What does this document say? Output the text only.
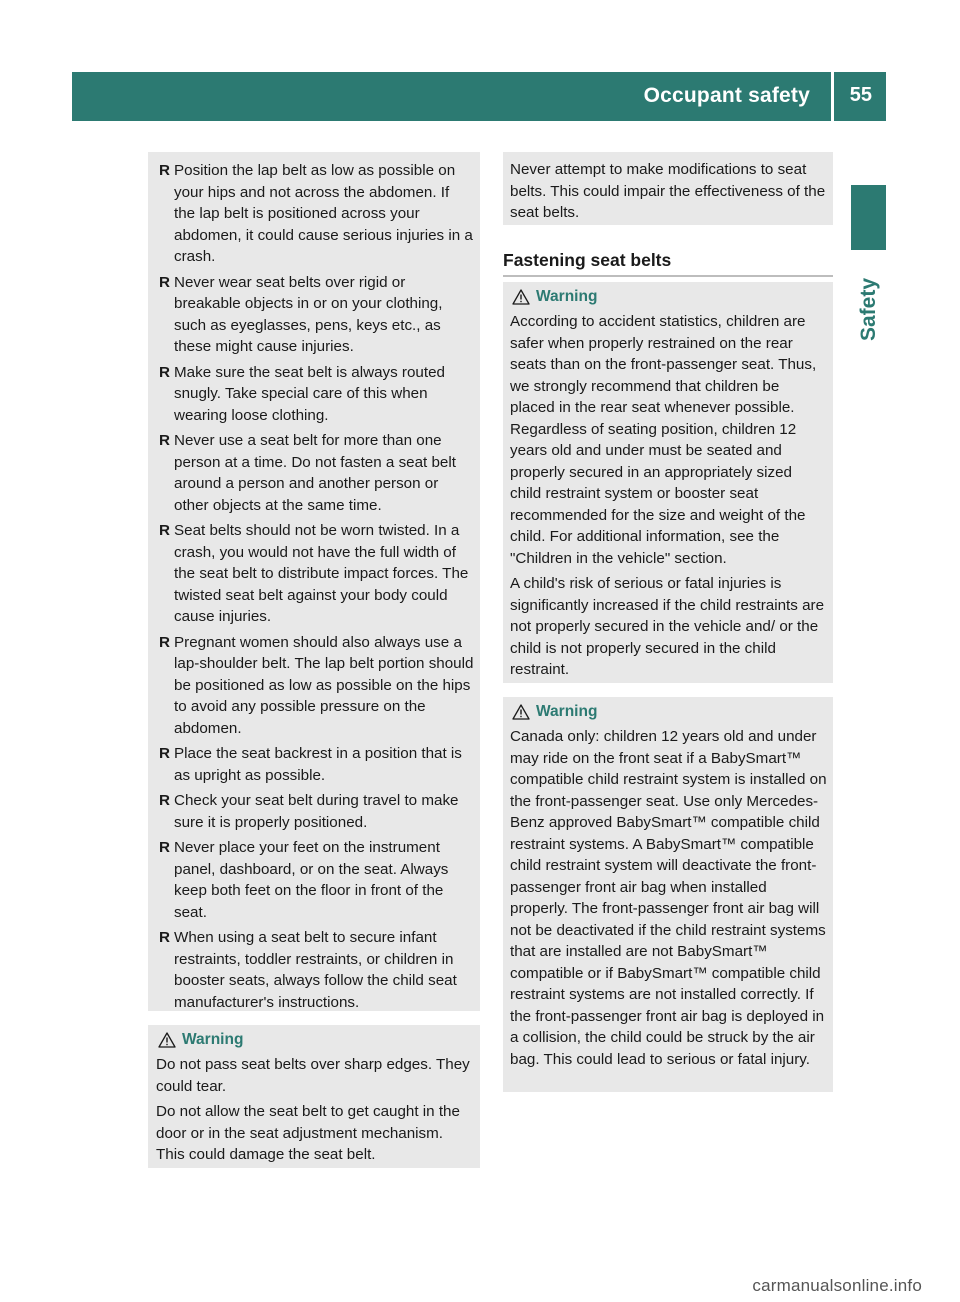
Occupant safety 55
Safety
R Position the lap belt as low as possible on your hips and not across the abdomen. If the lap belt is positioned across your abdomen, it could cause serious injuries in a crash.
R Never wear seat belts over rigid or breakable objects in or on your clothing, such as eyeglasses, pens, keys etc., as these might cause injuries.
R Make sure the seat belt is always routed snugly. Take special care of this when wearing loose clothing.
R Never use a seat belt for more than one person at a time. Do not fasten a seat belt around a person and another person or other objects at the same time.
R Seat belts should not be worn twisted. In a crash, you would not have the full width of the seat belt to distribute impact forces. The twisted seat belt against your body could cause injuries.
R Pregnant women should also always use a lap-shoulder belt. The lap belt portion should be positioned as low as possible on the hips to avoid any possible pressure on the abdomen.
R Place the seat backrest in a position that is as upright as possible.
R Check your seat belt during travel to make sure it is properly positioned.
R Never place your feet on the instrument panel, dashboard, or on the seat. Always keep both feet on the floor in front of the seat.
R When using a seat belt to secure infant restraints, toddler restraints, or children in booster seats, always follow the child seat manufacturer's instructions.
Warning

Do not pass seat belts over sharp edges. They could tear.

Do not allow the seat belt to get caught in the door or in the seat adjustment mechanism. This could damage the seat belt.

Never attempt to make modifications to seat belts. This could impair the effectiveness of the seat belts.

Fastening seat belts
Warning

According to accident statistics, children are safer when properly restrained on the rear seats than on the front-passenger seat. Thus, we strongly recommend that children be placed in the rear seat whenever possible. Regardless of seating position, children 12 years old and under must be seated and properly secured in an appropriately sized child restraint system or booster seat recommended for the size and weight of the child. For additional information, see the "Children in the vehicle" section.

A child's risk of serious or fatal injuries is significantly increased if the child restraints are not properly secured in the vehicle and/ or the child is not properly secured in the child restraint.

Warning

Canada only: children 12 years old and under may ride on the front seat if a BabySmart™ compatible child restraint system is installed on the front-passenger seat. Use only Mercedes-Benz approved BabySmart™ compatible child restraint systems. A BabySmart™ compatible child restraint system will deactivate the front-passenger front air bag when installed properly. The front-passenger front air bag will not be deactivated if the child restraint systems that are installed are not BabySmart™ compatible or if BabySmart™ compatible child restraint systems are not installed correctly. If the front-passenger front air bag is deployed in a collision, the child could be struck by the air bag. This could lead to serious or fatal injury.

carmanualsonline.info
